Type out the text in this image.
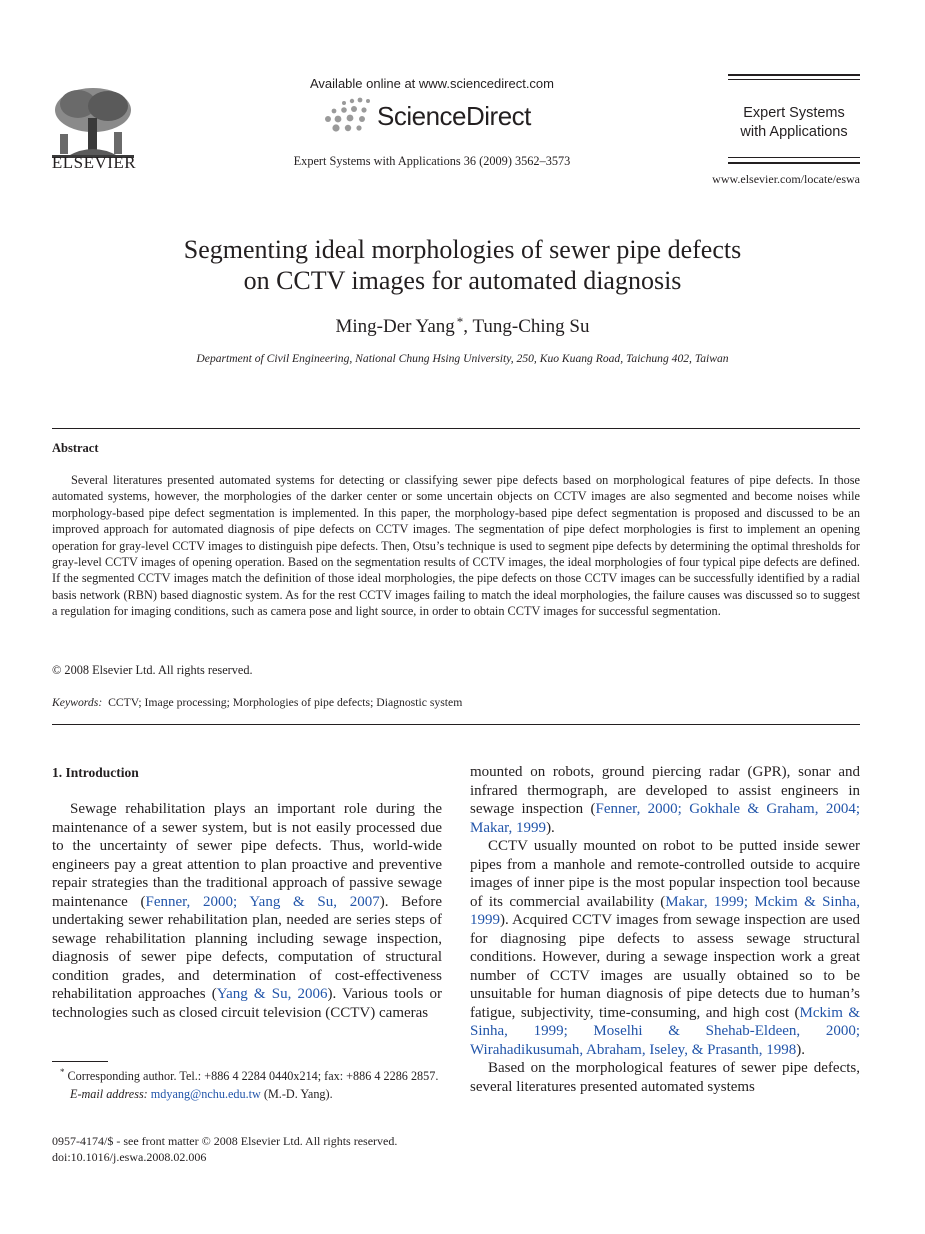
ELSEVIER
Available online at www.sciencedirect.com
ScienceDirect
Expert Systems with Applications 36 (2009) 3562–3573
Expert Systems
with Applications
www.elsevier.com/locate/eswa
Segmenting ideal morphologies of sewer pipe defects
on CCTV images for automated diagnosis
Ming-Der Yang *, Tung-Ching Su
Department of Civil Engineering, National Chung Hsing University, 250, Kuo Kuang Road, Taichung 402, Taiwan
Abstract

Several literatures presented automated systems for detecting or classifying sewer pipe defects based on morphological features of pipe defects. In those automated systems, however, the morphologies of the darker center or some uncertain objects on CCTV images are also segmented and become noises while morphology-based pipe defect segmentation is implemented. In this paper, the morphology-based pipe defect segmentation is proposed and discussed to be an improved approach for automated diagnosis of pipe defects on CCTV images. The segmentation of pipe defect morphologies is first to implement an opening operation for gray-level CCTV images to distinguish pipe defects. Then, Otsu’s technique is used to segment pipe defects by determining the optimal thresholds for gray-level CCTV images of opening operation. Based on the segmentation results of CCTV images, the ideal morphologies of four typical pipe defects are defined. If the segmented CCTV images match the definition of those ideal morphologies, the pipe defects on those CCTV images can be successfully identified by a radial basis network (RBN) based diagnostic system. As for the rest CCTV images failing to match the ideal morphologies, the failure causes was discussed so to suggest a regulation for imaging conditions, such as camera pose and light source, in order to obtain CCTV images for successful segmentation.

© 2008 Elsevier Ltd. All rights reserved.
Keywords: CCTV; Image processing; Morphologies of pipe defects; Diagnostic system
1. Introduction

Sewage rehabilitation plays an important role during the maintenance of a sewer system, but is not easily processed due to the uncertainty of sewer pipe defects. Thus, world-wide engineers pay a great attention to plan proactive and preventive repair strategies than the traditional approach of passive sewage maintenance (Fenner, 2000; Yang & Su, 2007). Before undertaking sewer rehabilitation plan, needed are series steps of sewage rehabilitation planning including sewage inspection, diagnosis of sewer pipe defects, computation of structural condition grades, and determination of cost-effectiveness rehabilitation approaches (Yang & Su, 2006). Various tools or technologies such as closed circuit television (CCTV) cameras

* Corresponding author. Tel.: +886 4 2284 0440x214; fax: +886 4 2286 2857.
E-mail address: mdyang@nchu.edu.tw (M.-D. Yang).
0957-4174/$ - see front matter © 2008 Elsevier Ltd. All rights reserved.
doi:10.1016/j.eswa.2008.02.006

mounted on robots, ground piercing radar (GPR), sonar and infrared thermograph, are developed to assist engineers in sewage inspection (Fenner, 2000; Gokhale & Graham, 2004; Makar, 1999).

CCTV usually mounted on robot to be putted inside sewer pipes from a manhole and remote-controlled outside to acquire images of inner pipe is the most popular inspection tool because of its commercial availability (Makar, 1999; Mckim & Sinha, 1999). Acquired CCTV images from sewage inspection are used for diagnosing pipe defects to assess sewage structural conditions. However, during a sewage inspection work a great number of CCTV images are usually obtained so to be unsuitable for human diagnosis of pipe detects due to human’s fatigue, subjectivity, time-consuming, and high cost (Mckim & Sinha, 1999; Moselhi & Shehab-Eldeen, 2000; Wirahadikusumah, Abraham, Iseley, & Prasanth, 1998).

Based on the morphological features of sewer pipe defects, several literatures presented automated systems
